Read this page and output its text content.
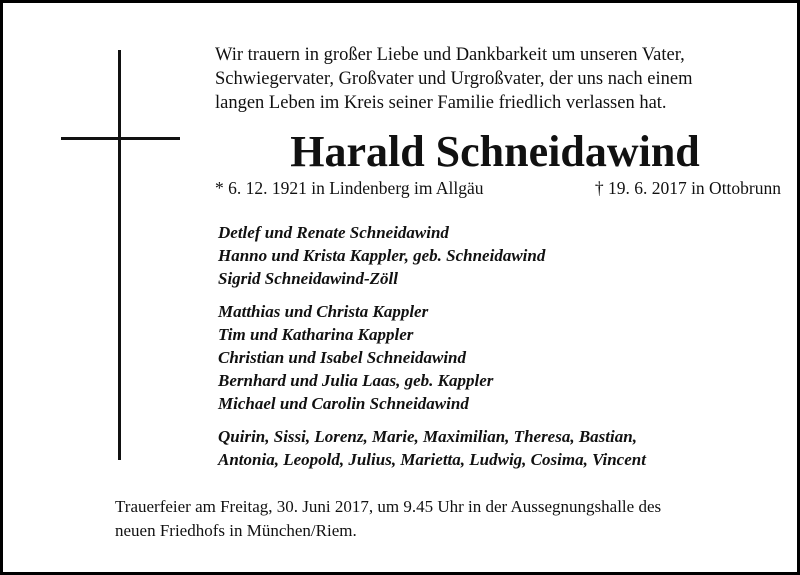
Wir trauern in großer Liebe und Dankbarkeit um unseren Vater,
Schwiegervater, Großvater und Urgroßvater, der uns nach einem
langen Leben im Kreis seiner Familie friedlich verlassen hat.
Harald Schneidawind
* 6. 12. 1921 in Lindenberg im Allgäu	† 19. 6. 2017 in Ottobrunn
Detlef und Renate Schneidawind
Hanno und Krista Kappler, geb. Schneidawind
Sigrid Schneidawind-Zöll
Matthias und Christa Kappler
Tim und Katharina Kappler
Christian und Isabel Schneidawind
Bernhard und Julia Laas, geb. Kappler
Michael und Carolin Schneidawind
Quirin, Sissi, Lorenz, Marie, Maximilian, Theresa, Bastian,
Antonia, Leopold, Julius, Marietta, Ludwig, Cosima, Vincent
Trauerfeier am Freitag, 30. Juni 2017, um 9.45 Uhr in der Aussegnungshalle des
neuen Friedhofs in München/Riem.
